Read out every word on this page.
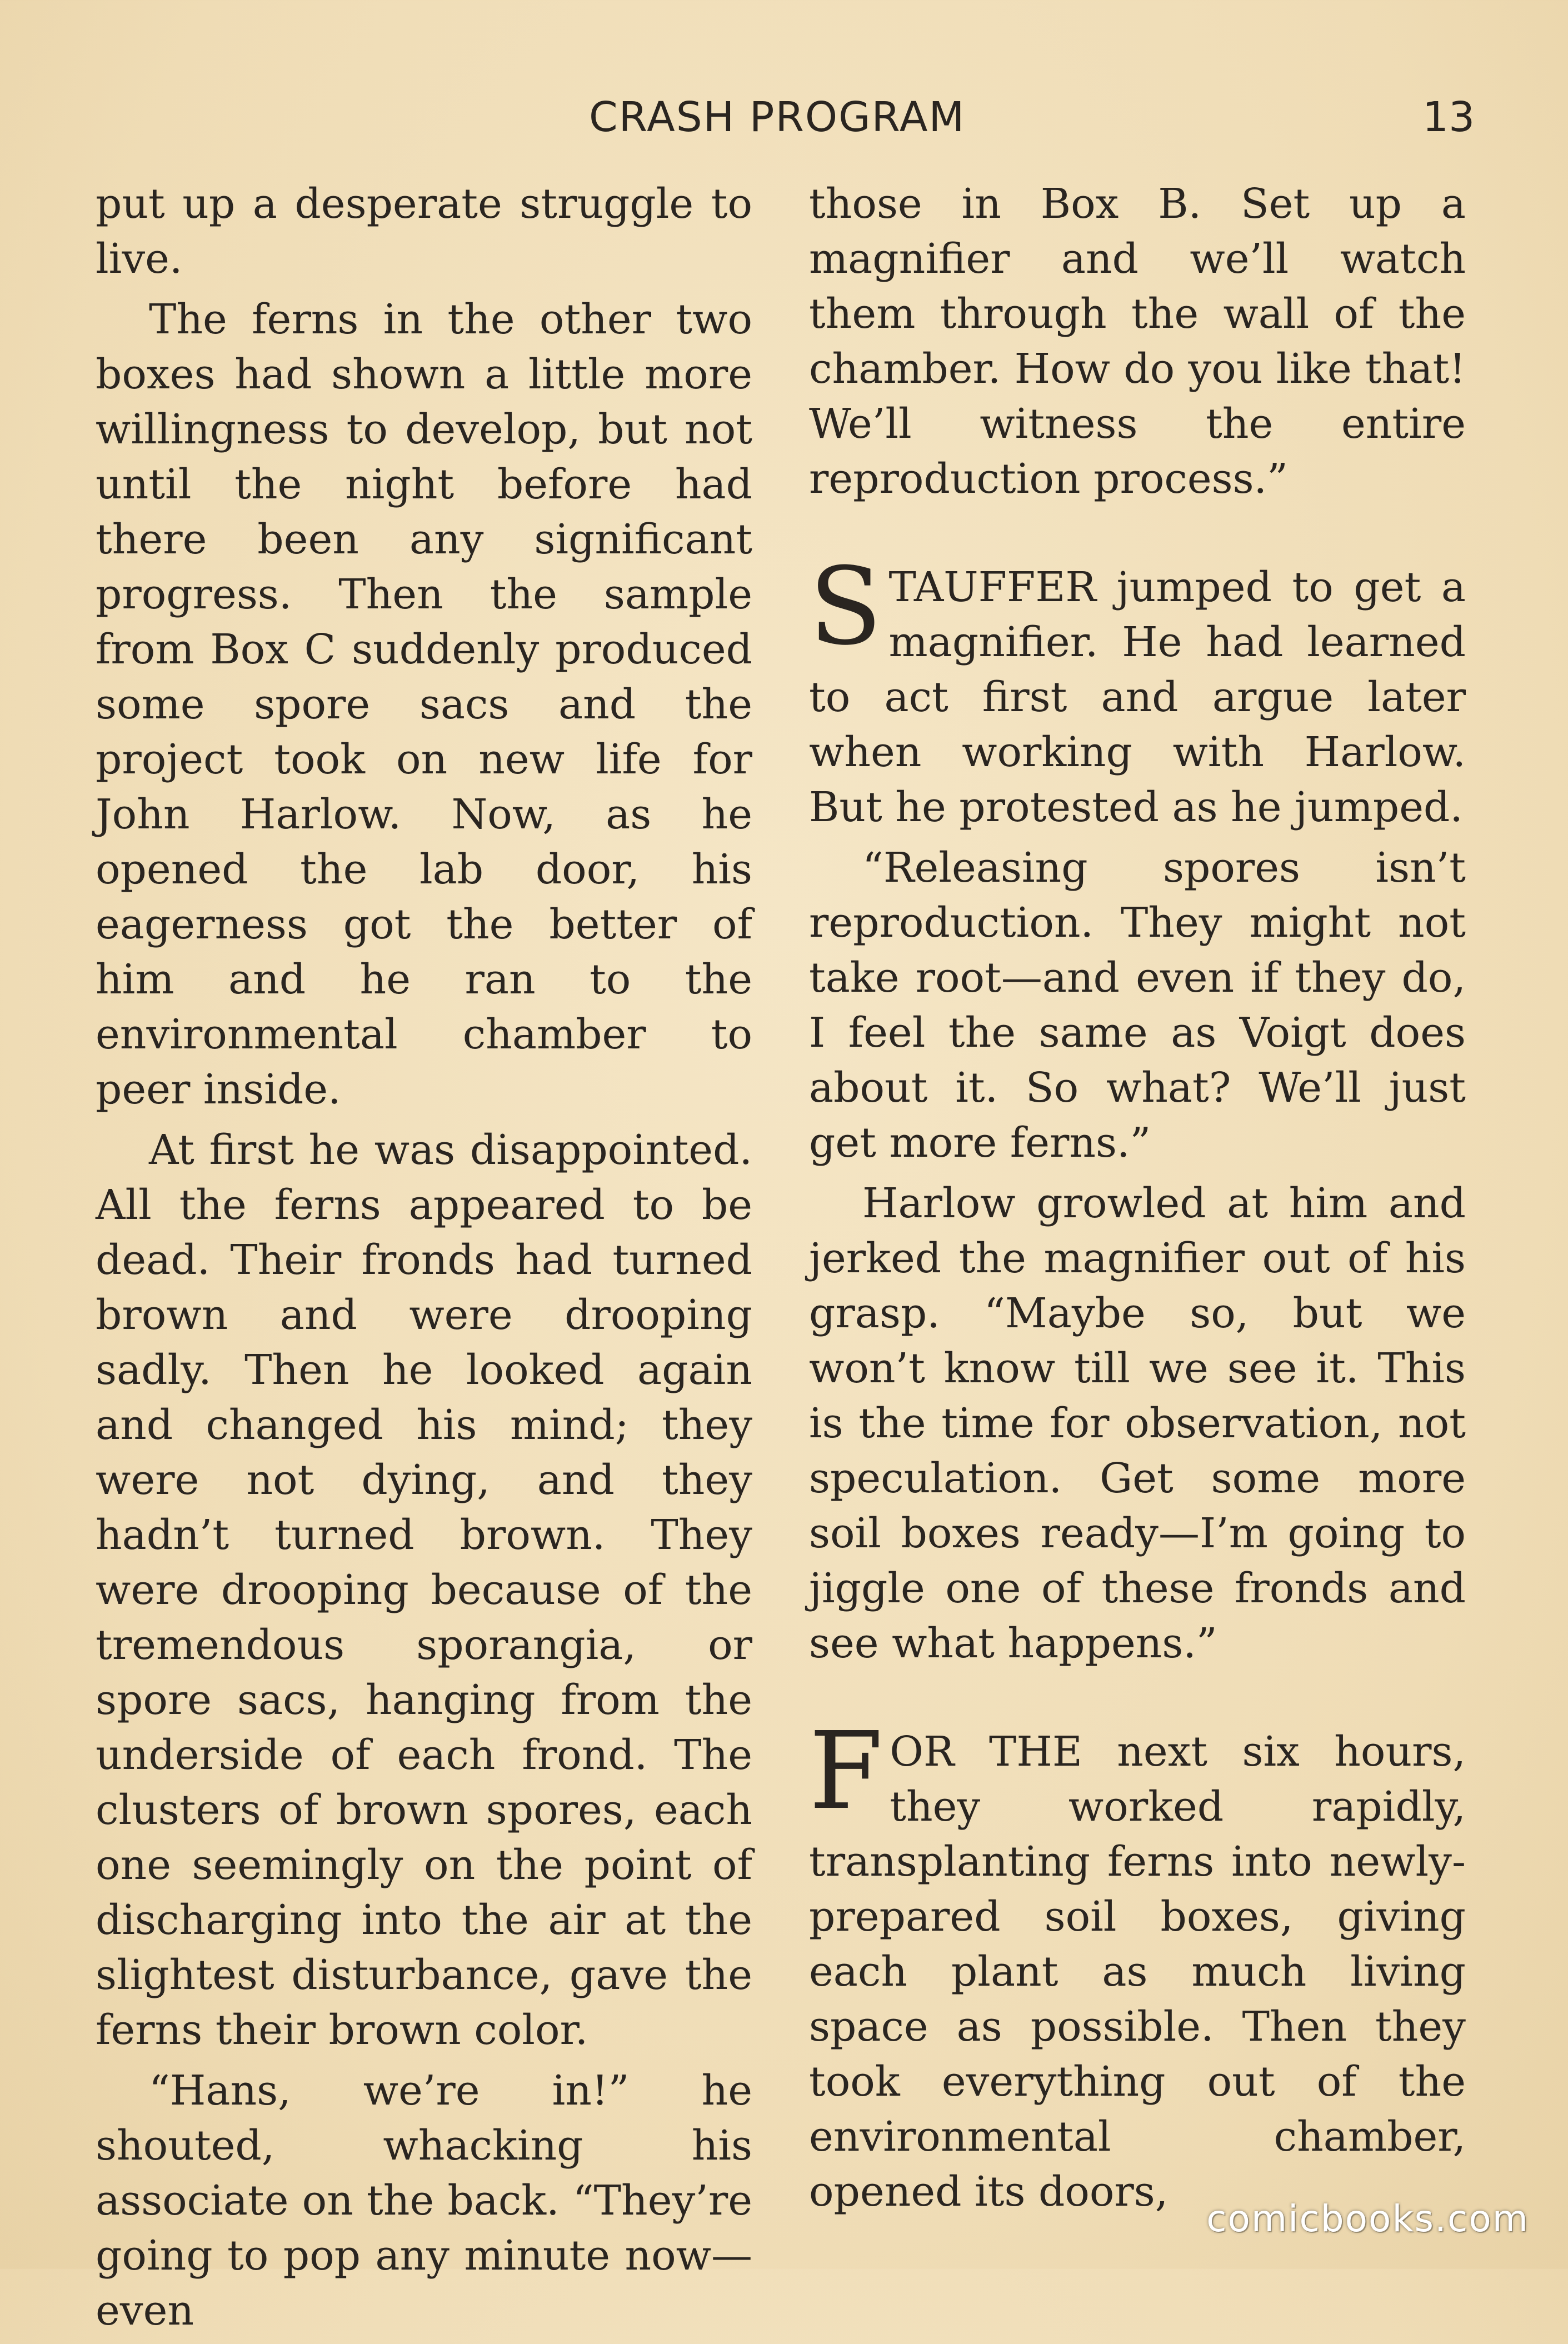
CRASH PROGRAM	13

put up a desperate struggle to live.

The ferns in the other two boxes had shown a little more willingness to develop, but not until the night before had there been any significant progress. Then the sample from Box C suddenly produced some spore sacs and the project took on new life for John Harlow. Now, as he opened the lab door, his eagerness got the better of him and he ran to the environmental chamber to peer inside.

At first he was disappointed. All the ferns appeared to be dead. Their fronds had turned brown and were drooping sadly. Then he looked again and changed his mind; they were not dying, and they hadn’t turned brown. They were drooping because of the tremendous sporangia, or spore sacs, hanging from the underside of each frond. The clusters of brown spores, each one seemingly on the point of discharging into the air at the slightest disturbance, gave the ferns their brown color.

“Hans, we’re in!” he shouted, whacking his associate on the back. “They’re going to pop any minute now—even

those in Box B. Set up a magnifier and we’ll watch them through the wall of the chamber. How do you like that! We’ll witness the entire reproduction process.”

STAUFFER jumped to get a magnifier. He had learned to act first and argue later when working with Harlow. But he protested as he jumped.

“Releasing spores isn’t reproduction. They might not take root—and even if they do, I feel the same as Voigt does about it. So what? We’ll just get more ferns.”

Harlow growled at him and jerked the magnifier out of his grasp. “Maybe so, but we won’t know till we see it. This is the time for observation, not speculation. Get some more soil boxes ready—I’m going to jiggle one of these fronds and see what happens.”

FOR THE next six hours, they worked rapidly, transplanting ferns into newly-prepared soil boxes, giving each plant as much living space as possible. Then they took everything out of the environmental chamber, opened its doors,

comicbooks.com
